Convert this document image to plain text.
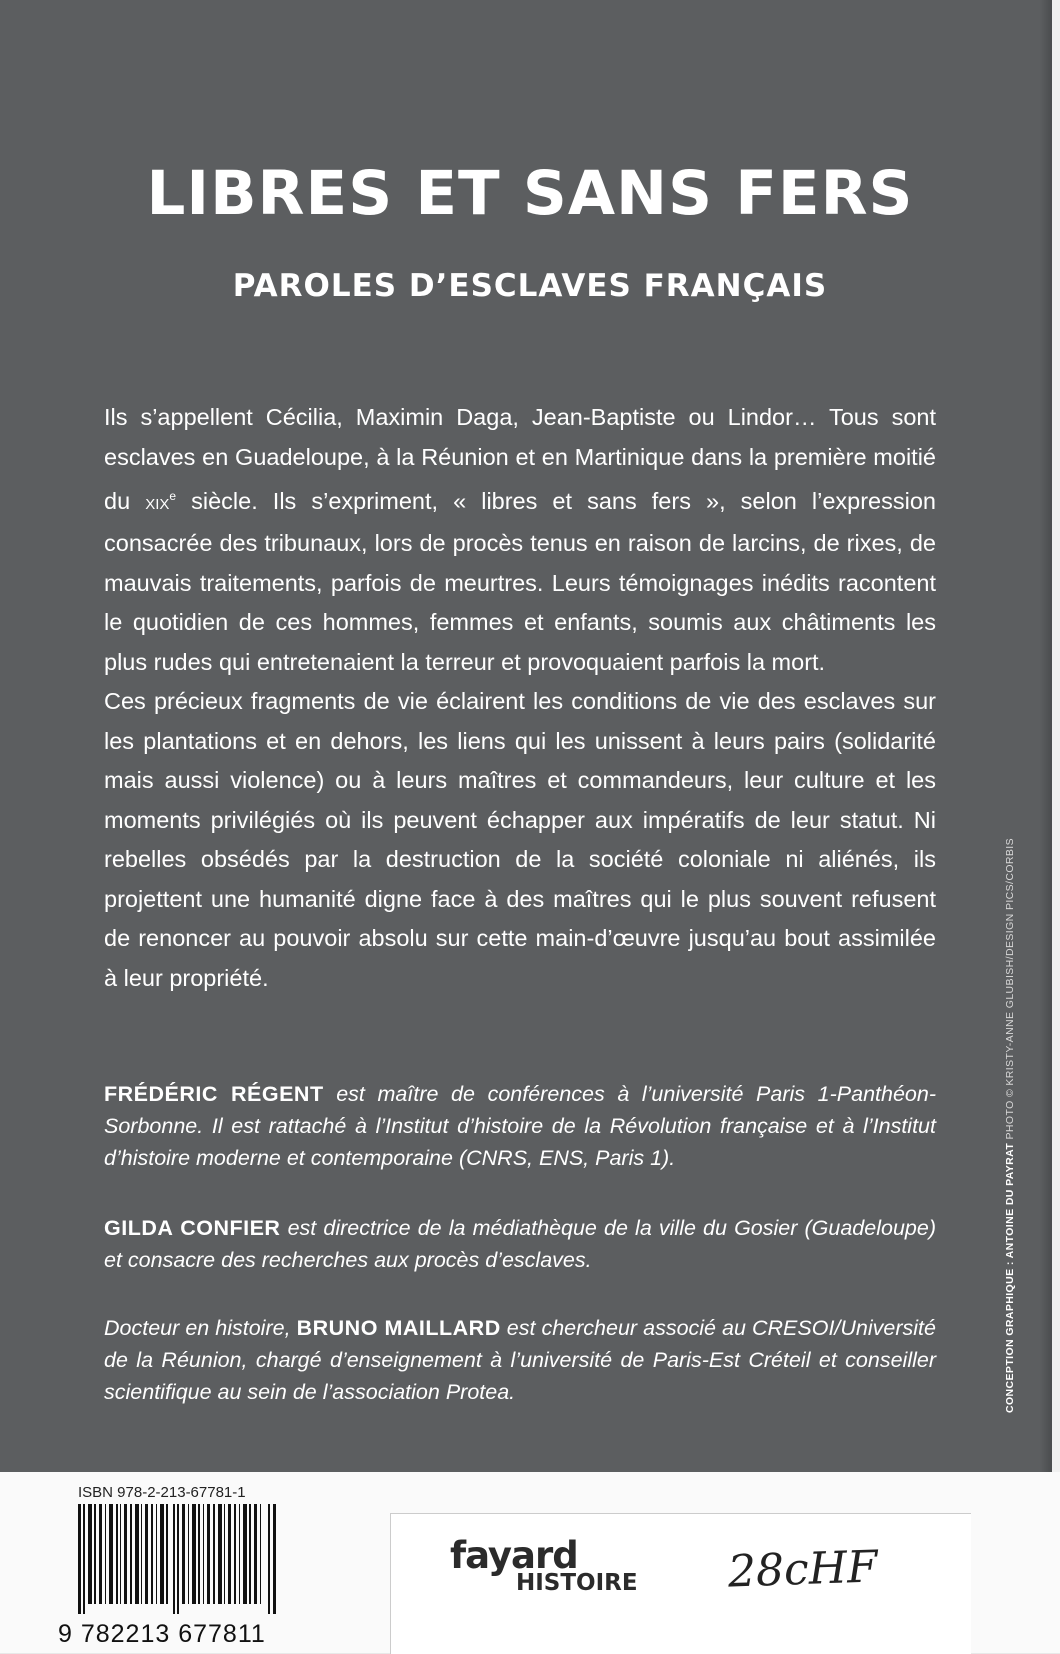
LIBRES ET SANS FERS
PAROLES D’ESCLAVES FRANÇAIS

Ils s’appellent Cécilia, Maximin Daga, Jean-Baptiste ou Lindor… Tous sont esclaves en Guadeloupe, à la Réunion et en Martinique dans la première moitié du XIXe siècle. Ils s’expriment, « libres et sans fers », selon l’expression consacrée des tribunaux, lors de procès tenus en raison de larcins, de rixes, de mauvais traitements, parfois de meurtres. Leurs témoignages inédits racontent le quotidien de ces hommes, femmes et enfants, soumis aux châtiments les plus rudes qui entretenaient la terreur et provoquaient parfois la mort.

Ces précieux fragments de vie éclairent les conditions de vie des esclaves sur les plantations et en dehors, les liens qui les unissent à leurs pairs (solidarité mais aussi violence) ou à leurs maîtres et commandeurs, leur culture et les moments privilégiés où ils peuvent échapper aux impératifs de leur statut. Ni rebelles obsédés par la destruction de la société coloniale ni aliénés, ils projettent une humanité digne face à des maîtres qui le plus souvent refusent de renoncer au pouvoir absolu sur cette main-d’œuvre jusqu’au bout assimilée à leur propriété.

FRÉDÉRIC RÉGENT est maître de conférences à l’université Paris 1-Panthéon-Sorbonne. Il est rattaché à l’Institut d’histoire de la Révolution française et à l’Institut d’histoire moderne et contemporaine (CNRS, ENS, Paris 1).

GILDA CONFIER est directrice de la médiathèque de la ville du Gosier (Guadeloupe) et consacre des recherches aux procès d’esclaves.

Docteur en histoire, BRUNO MAILLARD est chercheur associé au CRESOI/Université de la Réunion, chargé d’enseignement à l’université de Paris-Est Créteil et conseiller scientifique au sein de l’association Protea.	CONCEPTION GRAPHIQUE : ANTOINE DU PAYRAT PHOTO © KRISTY-ANNE GLUBISH/DESIGN PICS/CORBIS

ISBN 978-2-213-67781-1

9 782213 677811

fayard

HISTOIRE 28cHF
